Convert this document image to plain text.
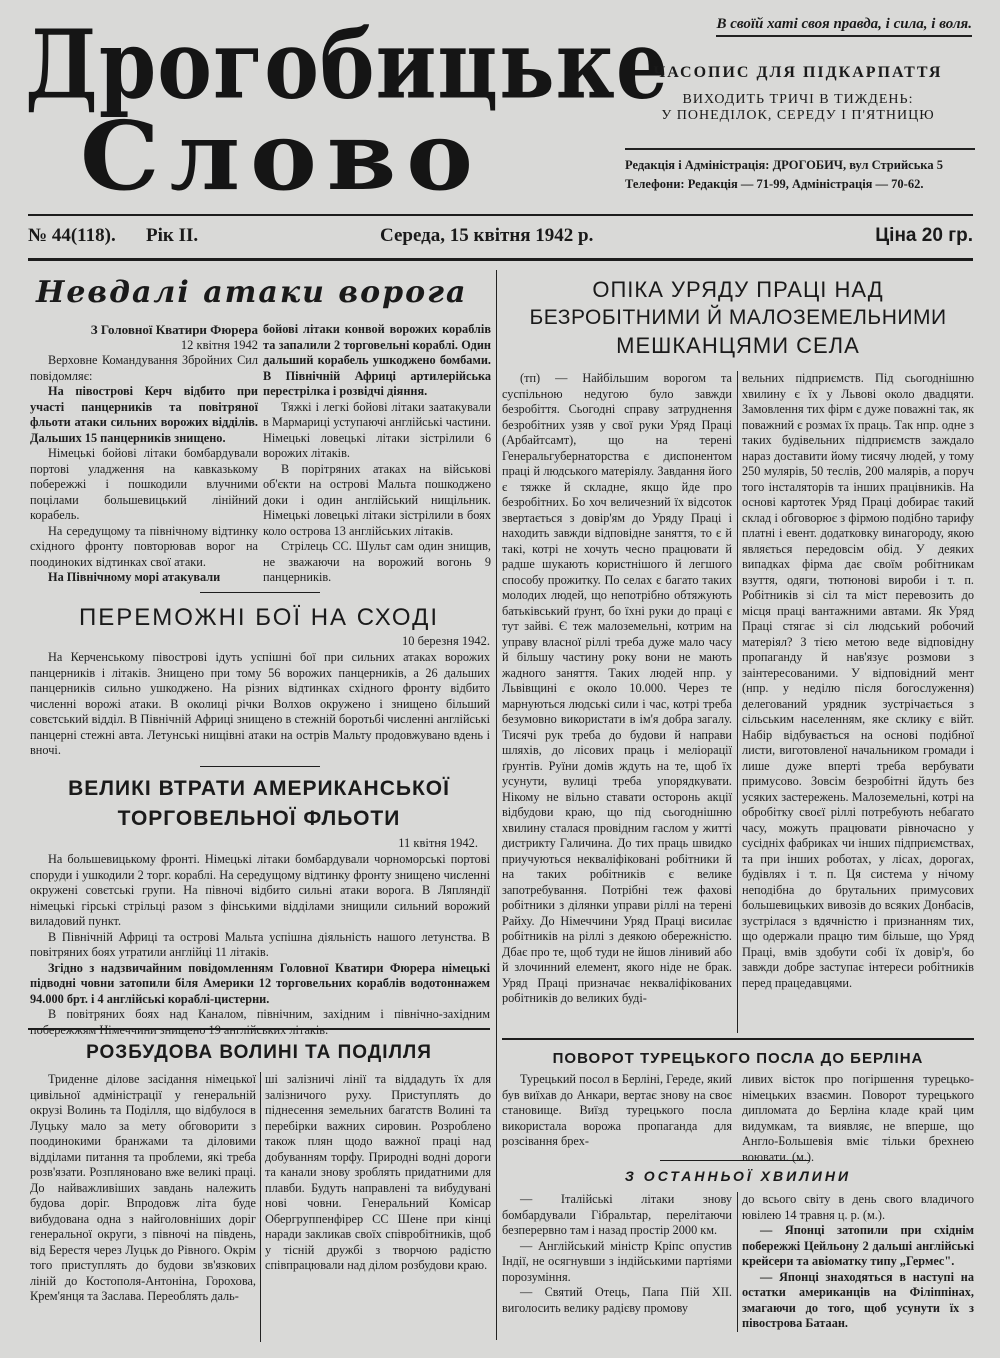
Дрогобицьке
Слово
В своїй хаті своя правда, і сила, і воля.
ЧАСОПИС ДЛЯ ПІДКАРПАТТЯ
ВИХОДИТЬ ТРИЧІ В ТИЖДЕНЬ:
У ПОНЕДІЛОК, СЕРЕДУ І П'ЯТНИЦЮ
Редакція і Адміністрація: ДРОГОБИЧ, вул Стрийська 5
Телефони: Редакція — 71-99, Адміністрація — 70-62.
№ 44(118). Рік II.	Середа, 15 квітня 1942 р.	Ціна 20 гр.
Невдалі атаки ворога
З Головної Кватири Фюрера
12 квітня 1942

Верховне Командування Збройних Сил повідомляє:

На півострові Керч відбито при участі панцерників та повітряної фльоти атаки сильних ворожих відділів. Дальших 15 панцерників знищено.

Німецькі бойові літаки бомбардували портові уладження на кавказькому побережжі і пошкодили влучними поцілами большевицький лінійний корабель.

На середущому та північному відтинку східного фронту повторював ворог на поодиноких відтинках свої атаки.

На Північному морі атакували

бойові літаки конвой ворожих кораблів та запалили 2 торговельні кораблі. Один дальший корабель ушкоджено бомбами. В Північній Африці артилерійська перестрілка і розвідчі діяння.

Тяжкі і легкі бойові літаки заатакували в Мармариці уступаючі англійські частини. Німецькі ловецькі літаки зістрілили 6 ворожих літаків.

В порітряних атаках на військові об'єкти на острові Мальта пошкоджено доки і один англійський нищільник. Німецькі ловецькі літаки зістрілили в боях коло острова 13 англійських літаків.

Стрілець СС. Шульт сам один знищив, не зважаючи на ворожий вогонь 9 панцерників.

ПЕРЕМОЖНІ БОЇ НА СХОДІ
10 березня 1942.

На Керченському півострові ідуть успішні бої при сильних атаках ворожих панцерників і літаків. Знищено при тому 56 ворожих панцерників, а 26 дальших панцерників сильно ушкоджено. На різних відтинках східного фронту відбито численні ворожі атаки. В околиці річки Волхов окружено і знищено більший совєтський відділ. В Північній Африці знищено в стежній боротьбі численні англійські панцерні стежні авта. Летунські нищівні атаки на острів Мальту продовжувано вдень і вночі.

ВЕЛИКІ ВТРАТИ АМЕРИКАНСЬКОЇ
ТОРГОВЕЛЬНОЇ ФЛЬОТИ
11 квітня 1942.

На большевицькому фронті. Німецькі літаки бомбардували чорноморські портові споруди і ушкодили 2 торг. кораблі. На середущому відтинку фронту знищено численні окружені совєтські групи. На півночі відбито сильні атаки ворога. В Ляпляндії німецькі гірські стрільці разом з фінськими відділами знищили сильний ворожий виладовий пункт.

В Північній Африці та острові Мальта успішна діяльність нашого летунства. В повітряних боях утратили англійці 11 літаків.

Згідно з надзвичайним повідомленням Головної Кватири Фюрера німецькі підводні човни затопили біля Америки 12 торговельних кораблів водотоннажем 94.000 брт. і 4 англійські кораблі-цистерни.

В повітряних боях над Каналом, північним, західним і північно-західним побережжям Німеччини знищено 19 англійських літаків.

РОЗБУДОВА ВОЛИНІ ТА ПОДІЛЛЯ

Триденне ділове засідання німецької цивільної адміністрації у генеральній окрузі Волинь та Поділля, що відбулося в Луцьку мало за мету обговорити з поодинокими бранжами та діловими відділами питання та проблеми, які треба розв'язати. Розпляновано вже великі праці. До найважливіших завдань належить будова доріг. Впродовж літа буде вибудована одна з найголовніших доріг генеральної округи, з півночі на південь, від Берестя через Луцьк до Рівного. Окрім того приступлять до будови зв'язкових ліній до Костополя-Антоніна, Горохова, Крем'янця та Заслава. Переоблять даль-

ші залізничі лінії та віддадуть їх для залізничого руху. Приступлять до піднесення земельних багатств Волині та перебірки важних сировин. Розроблено також плян щодо важної праці над добуванням торфу. Природні водні дороги та канали знову зроблять придатними для плавби. Будуть направлені та вибудувані нові човни. Генеральний Комісар Обергруппенфірер СС Шене при кінці наради закликав своїх співробітників, щоб у тісній дружбі з творчою радістю співпрацювали над ділом розбудови краю.

ОПІКА УРЯДУ ПРАЦІ НАД
БЕЗРОБІТНИМИ Й МАЛОЗЕМЕЛЬНИМИ
МЕШКАНЦЯМИ СЕЛА

(тп) — Найбільшим ворогом та суспільною недугою було завжди безробіття. Сьогодні справу затруднення безробітних узяв у свої руки Уряд Праці (Арбайтсамт), що на терені Генеральгубернаторства є диспонентом праці й людського матеріялу. Завдання його є тяжке й складне, якщо йде про безробітних. Бо хоч величезний їх відсоток звертається з довір'ям до Уряду Праці і находить завжди відповідне заняття, то є й такі, котрі не хочуть чесно працювати й радше шукають користнішого й легшого способу прожитку. По селах є багато таких молодих людей, що непотрібно обтяжують батьківський ґрунт, бо їхні руки до праці є тут зайві. Є теж малоземельні, котрим на управу власної ріллі треба дуже мало часу й більшу частину року вони не мають жадного заняття. Таких людей нпр. у Львівщині є около 10.000. Через те марнуються людські сили і час, котрі треба безумовно використати в ім'я добра загалу. Тисячі рук треба до будови й направи шляхів, до лісових праць і меліорації ґрунтів. Руїни домів ждуть на те, щоб їх усунути, вулиці треба упорядкувати. Нікому не вільно ставати осторонь акції відбудови краю, що під сьогоднішню хвилину сталася провідним гаслом у житті дистрикту Галичина. До тих праць швидко приучуються некваліфіковані робітники й на таких робітників є велике запотребування. Потрібні теж фахові робітники з ділянки управи ріллі на терені Райху. До Німеччини Уряд Праці висилає робітників на ріллі з деякою обережністю. Дбає про те, щоб туди не йшов лінивий або й злочинний елемент, якого ніде не брак. Уряд Праці призначає некваліфікованих робітників до великих буді-

вельних підприємств. Під сьогоднішню хвилину є їх у Львові около двадцяти. Замовлення тих фірм є дуже поважні так, як поважний є розмах їх праць. Так нпр. одне з таких будівельних підприємств заждало нараз доставити йому тисячу людей, у тому 250 мулярів, 50 теслів, 200 малярів, а поруч того інсталяторів та інших працівників. На основі картотек Уряд Праці добирає такий склад і обговорює з фірмою подібно тарифу платні і евент. додатковку винагороду, якою являється передовсім обід. У деяких випадках фірма дає своїм робітникам взуття, одяги, тютюнові вироби і т. п. Робітників зі сіл та міст перевозить до місця праці вантажними автами. Як Уряд Праці стягає зі сіл людський робочий матеріял? З тією метою веде відповідну пропаганду й нав'язує розмови з заінтересованими. У відповідний мент (нпр. у неділю після богослуження) делегований урядник зустрічається з сільським населенням, яке склику є війт. Набір відбувається на основі подібної листи, виготовленої начальником громади і лише дуже вперті треба вербувати примусово. Зовсім безробітні йдуть без усяких застережень. Малоземельні, котрі на обробітку своєї ріллі потребують небагато часу, можуть працювати рівночасно у сусідніх фабриках чи інших підприємствах, та при інших роботах, у лісах, дорогах, будівлях і т. п. Ця система у нічому неподібна до брутальних примусових большевицьких вивозів до всяких Донбасів, зустрілася з вдячністю і признанням тих, що одержали працю тим більше, що Уряд Праці, вмів здобути собі їх довір'я, бо завжди добре заступає інтереси робітників перед працедавцями.

ПОВОРОТ ТУРЕЦЬКОГО ПОСЛА ДО БЕРЛІНА

Турецький посол в Берліні, Гереде, який був виїхав до Анкари, вертає знову на своє становище. Виїзд турецького посла використала ворожа пропаганда для розсівання брех-

ливих вісток про погіршення турецько-німецьких взаємин. Поворот турецького дипломата до Берліна кладе край цим видумкам, та виявляє, не вперше, що Англо-Большевія вміє тільки брехнею воювати. (м.).

З ОСТАННЬОЇ ХВИЛИНИ

— Італійські літаки знову бомбардували Гібральтар, перелітаючи безперервно там і назад простір 2000 км.

— Англійський міністр Кріпс опустив Індії, не осягнувши з індійськими партіями порозуміння.

— Святий Отець, Папа Пій XII. виголосить велику радієву промову

до всього світу в день свого владичого ювілею 14 травня ц. р. (м.).

— Японці затопили при східнім побережжі Цейльону 2 дальші англійські крейсери та авіоматку типу „Гермес".

— Японці знаходяться в наступі на остатки американців на Філіппінах, змагаючи до того, щоб усунути їх з півострова Батаан.
